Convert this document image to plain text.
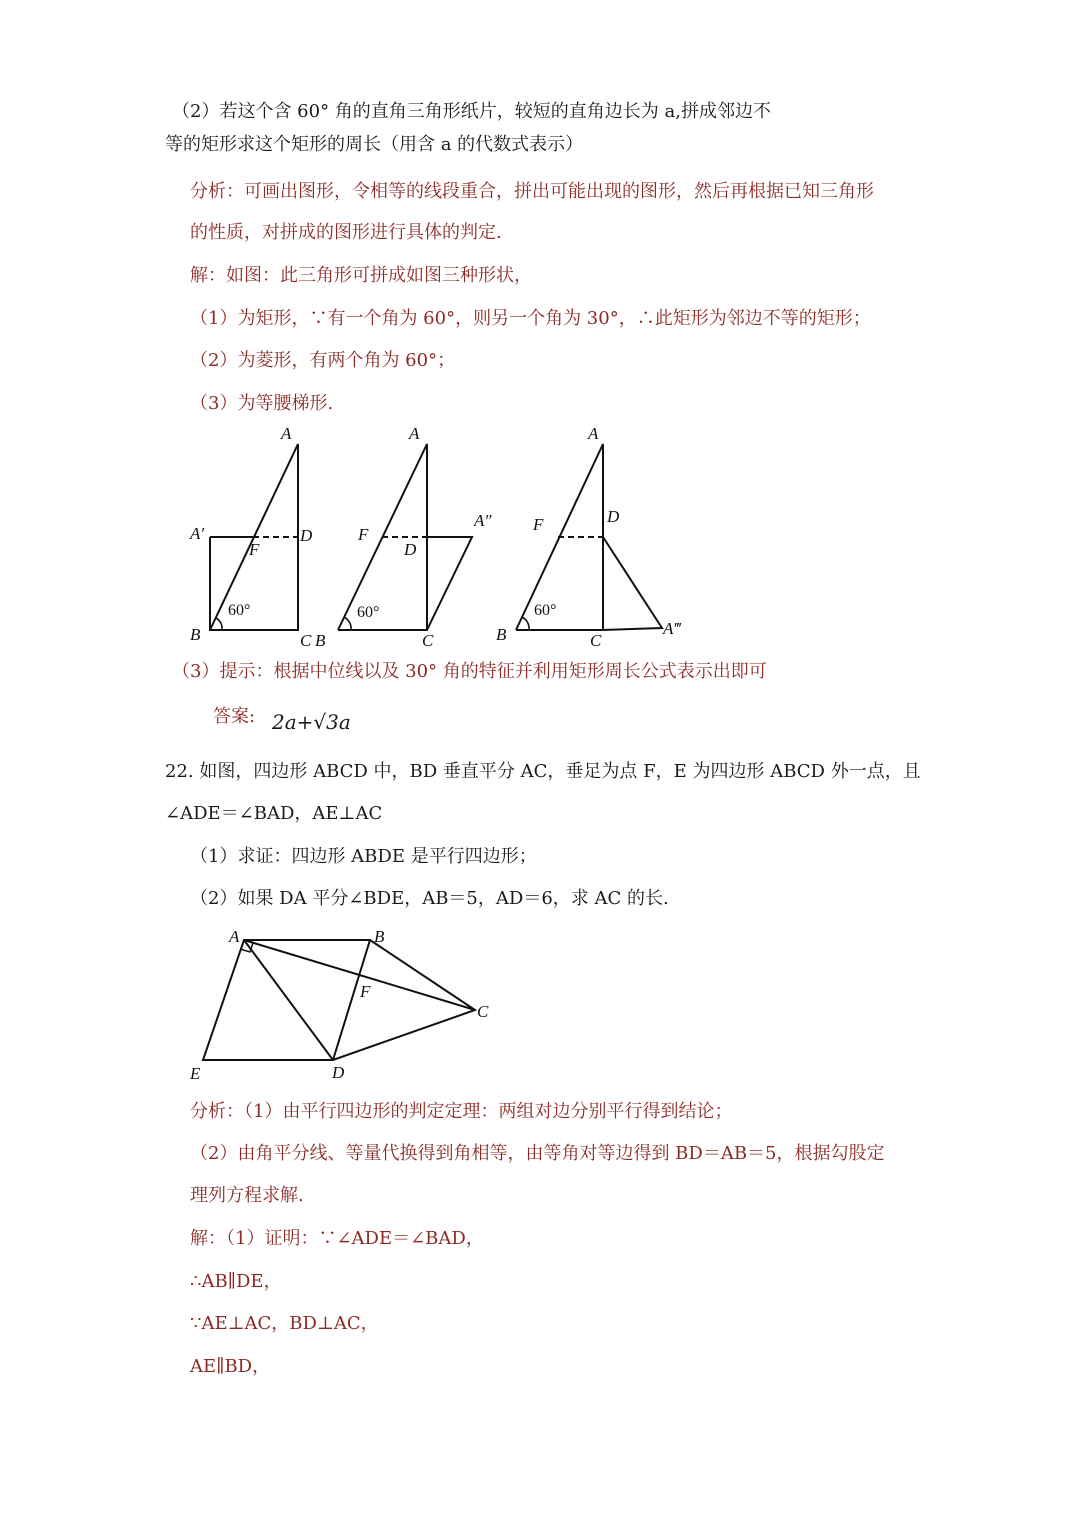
（2）若这个含 60° 角的直角三角形纸片，较短的直角边长为 a,拼成邻边不
等的矩形求这个矩形的周长（用含 a 的代数式表示）
分析：可画出图形，令相等的线段重合，拼出可能出现的图形，然后再根据已知三角形
的性质，对拼成的图形进行具体的判定.
解：如图：此三角形可拼成如图三种形状，
（1）为矩形，∵有一个角为 60°，则另一个角为 30°，∴此矩形为邻边不等的矩形；
（2）为菱形，有两个角为 60°；
（3）为等腰梯形.
A
A′	D
F
B	C
A
F
D
A″
B	C
A
F	D
B	C
A‴
60°	60°	60°
（3）提示：根据中位线以及 30° 角的特征并利用矩形周长公式表示出即可
答案: 2a+√3a
22. 如图，四边形 ABCD 中，BD 垂直平分 AC，垂足为点 F，E 为四边形 ABCD 外一点，且
∠ADE＝∠BAD，AE⊥AC
（1）求证：四边形 ABDE 是平行四边形；
（2）如果 DA 平分∠BDE，AB＝5，AD＝6，求 AC 的长.
A	B
C
D
E
F
分析：（1）由平行四边形的判定定理：两组对边分别平行得到结论；
（2）由角平分线、等量代换得到角相等，由等角对等边得到 BD＝AB＝5，根据勾股定
理列方程求解.
解：（1）证明：∵∠ADE＝∠BAD，
∴AB∥DE，
∵AE⊥AC，BD⊥AC，
AE∥BD，
